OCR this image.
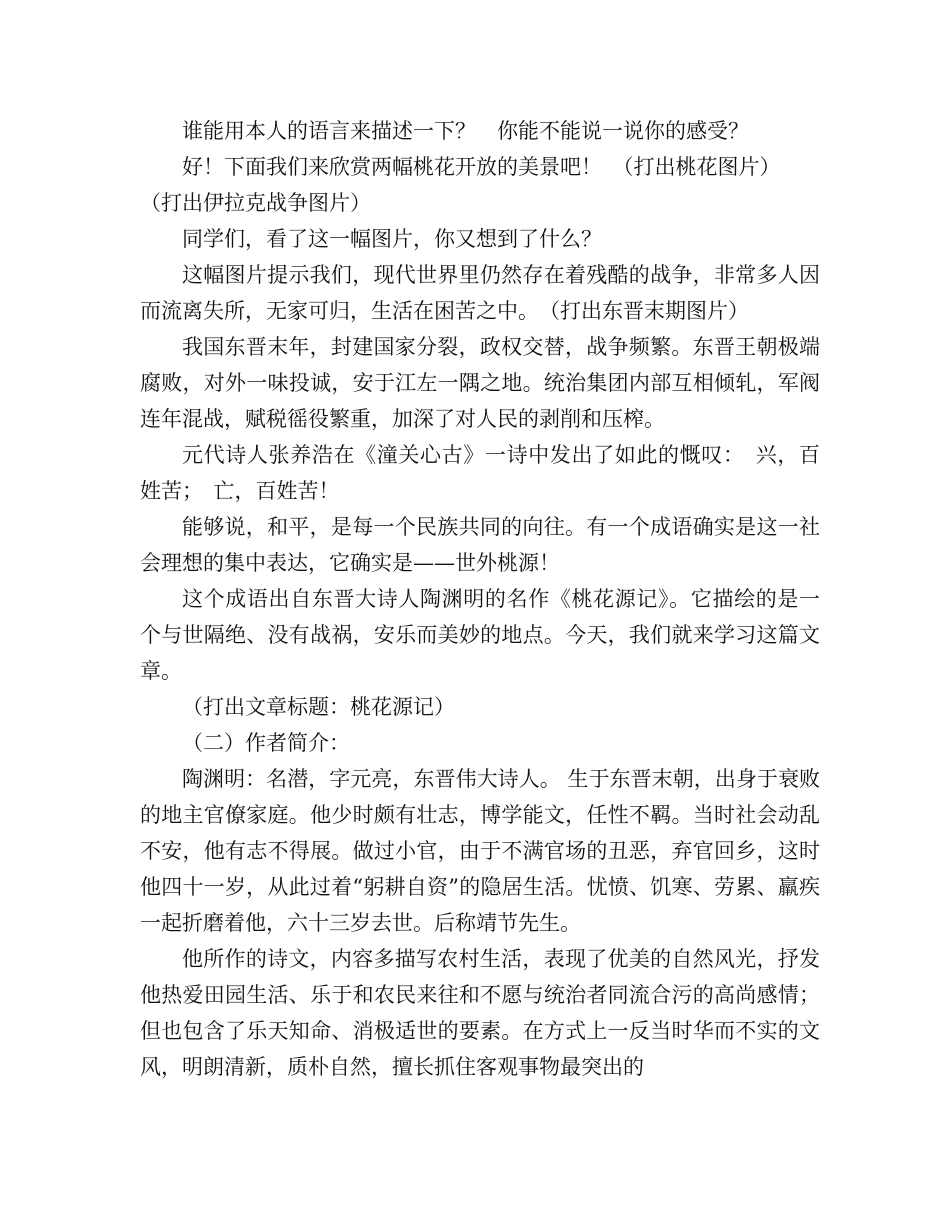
谁能用本人的语言来描述一下？　你能不能说一说你的感受？

好！下面我们来欣赏两幅桃花开放的美景吧！　（打出桃花图片）

（打出伊拉克战争图片）

同学们，看了这一幅图片，你又想到了什么？

这幅图片提示我们，现代世界里仍然存在着残酷的战争，非常多人因而流离失所，无家可归，生活在困苦之中。　（打出东晋末期图片）

我国东晋末年，封建国家分裂，政权交替，战争频繁。东晋王朝极端腐败，对外一味投诚，安于江左一隅之地。统治集团内部互相倾轧，军阀连年混战，赋税徭役繁重，加深了对人民的剥削和压榨。

元代诗人张养浩在《潼关心古》一诗中发出了如此的慨叹：　兴，百姓苦；　亡，百姓苦！

能够说，和平，是每一个民族共同的向往。有一个成语确实是这一社会理想的集中表达，它确实是——世外桃源！

这个成语出自东晋大诗人陶渊明的名作《桃花源记》。它描绘的是一个与世隔绝、没有战祸，安乐而美妙的地点。今天，我们就来学习这篇文章。

（打出文章标题：桃花源记）

（二）作者简介：

陶渊明：名潜，字元亮，东晋伟大诗人。 生于东晋末朝，出身于衰败的地主官僚家庭。他少时颇有壮志，博学能文，任性不羁。当时社会动乱不安，他有志不得展。做过小官，由于不满官场的丑恶，弃官回乡，这时他四十一岁，从此过着“躬耕自资”的隐居生活。忧愤、饥寒、劳累、羸疾一起折磨着他，六十三岁去世。后称靖节先生。

他所作的诗文，内容多描写农村生活，表现了优美的自然风光，抒发他热爱田园生活、乐于和农民来往和不愿与统治者同流合污的高尚感情；但也包含了乐天知命、消极适世的要素。在方式上一反当时华而不实的文风，明朗清新，质朴自然，擅长抓住客观事物最突出的
